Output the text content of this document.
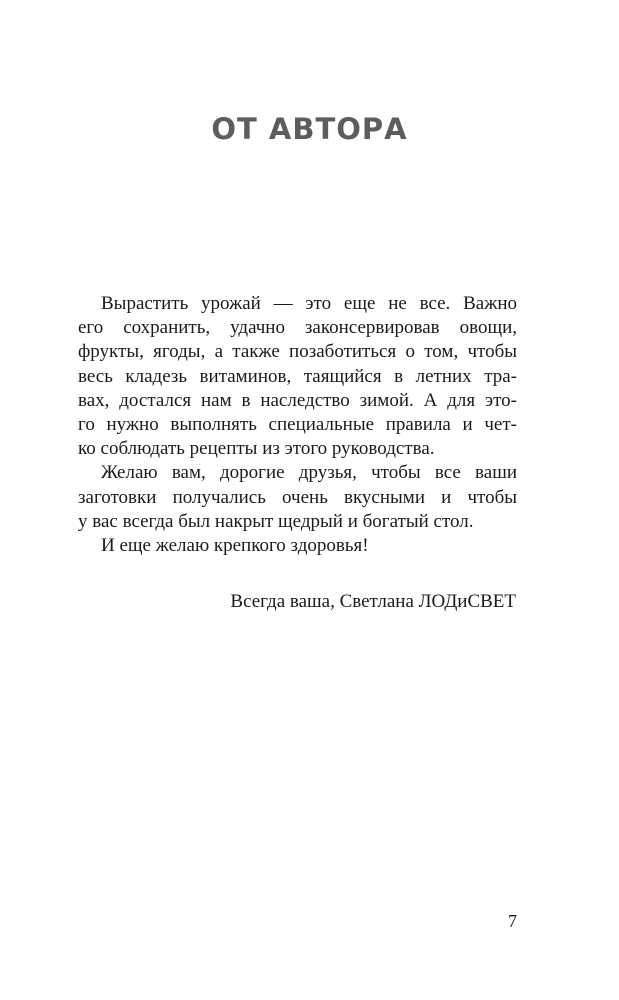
ОТ АВТОРА
Вырастить урожай — это еще не все. Важно
его сохранить, удачно законсервировав овощи,
фрукты, ягоды, а также позаботиться о том, чтобы
весь кладезь витаминов, таящийся в летних тра-
вах, достался нам в наследство зимой. А для это-
го нужно выполнять специальные правила и чет-
ко соблюдать рецепты из этого руководства.
Желаю вам, дорогие друзья, чтобы все ваши
заготовки получались очень вкусными и чтобы
у вас всегда был накрыт щедрый и богатый стол.
И еще желаю крепкого здоровья!
Всегда ваша, Светлана ЛОДиСВЕТ
7
